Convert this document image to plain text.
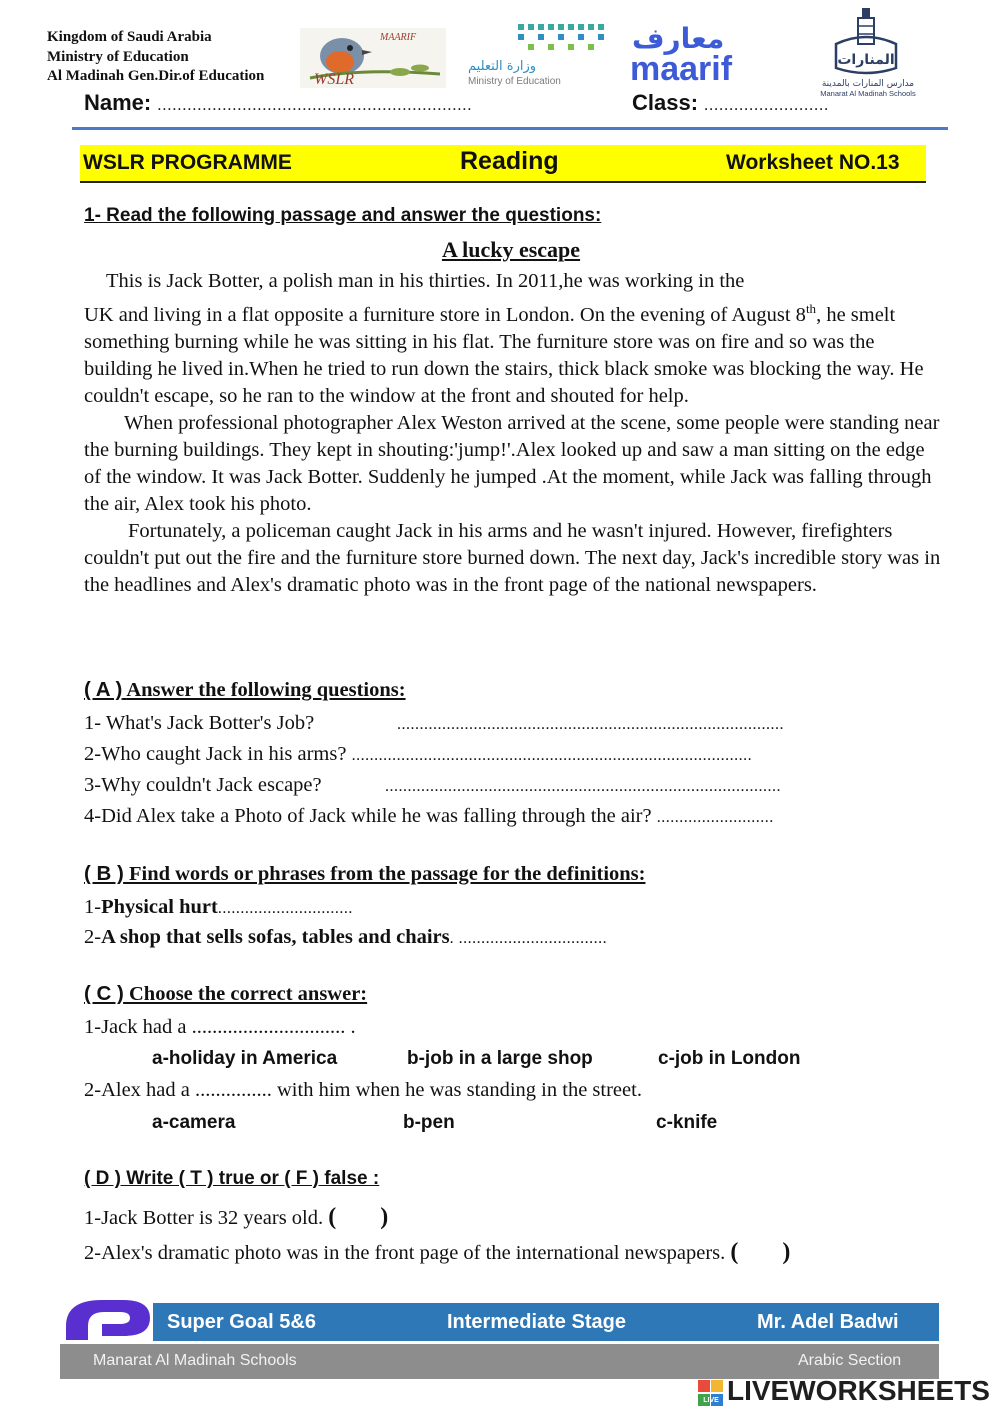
Kingdom of Saudi Arabia
Ministry of Education
Al Madinah Gen.Dir.of Education	WSLR
MAARIF
وزارة التعليم
Ministry of Education
معارف
maarif	المنارات
مدارس المنارات بالمدينة
Manarat Al Madinah Schools
Name: ...............................................................	Class: .........................
WSLR PROGRAMME	Reading	Worksheet NO.13
1- Read the following passage and answer the questions:
A lucky escape

This is Jack Botter, a polish man in his thirties. In 2011,he was working in the
UK and living in a flat opposite a furniture store in London. On the evening of August 8th, he smelt something burning while he was sitting in his flat. The furniture store was on fire and so was the building he lived in.When he tried to run down the stairs, thick black smoke was blocking the way. He couldn't escape, so he ran to the window at the front and shouted for help.

When professional photographer Alex Weston arrived at the scene, some people were standing near the burning buildings. They kept in shouting:'jump!'.Alex looked up and saw a man sitting on the edge of the window. It was Jack Botter. Suddenly he jumped .At the moment, while Jack was falling through the air, Alex took his photo.

Fortunately, a policeman caught Jack in his arms and he wasn't injured. However, firefighters couldn't put out the fire and the furniture store burned down. The next day, Jack's incredible story was in the headlines and Alex's dramatic photo was in the front page of the national newspapers.

( A ) Answer the following questions:
1- What's Jack Botter's Job?	......................................................................................
2-Who caught Jack in his arms? .........................................................................................
3-Why couldn't Jack escape?	........................................................................................
4-Did Alex take a Photo of Jack while he was falling through the air? ..........................
( B ) Find words or phrases from the passage for the definitions:
1-Physical hurt..............................
2-A shop that sells sofas, tables and chairs. .................................
( C ) Choose the correct answer:
1-Jack had a .............................. .
a-holiday in America	b-job in a large shop	c-job in London
2-Alex had a ............... with him when he was standing in the street.
a-camera	b-pen	c-knife
( D ) Write ( T ) true or ( F ) false :
1-Jack Botter is 32 years old. ( )
2-Alex's dramatic photo was in the front page of the international newspapers. ( )
Super Goal 5&6	Intermediate Stage	Mr. Adel Badwi
Manarat Al Madinah Schools	Arabic Section
LIVE LIVEWORKSHEETS
